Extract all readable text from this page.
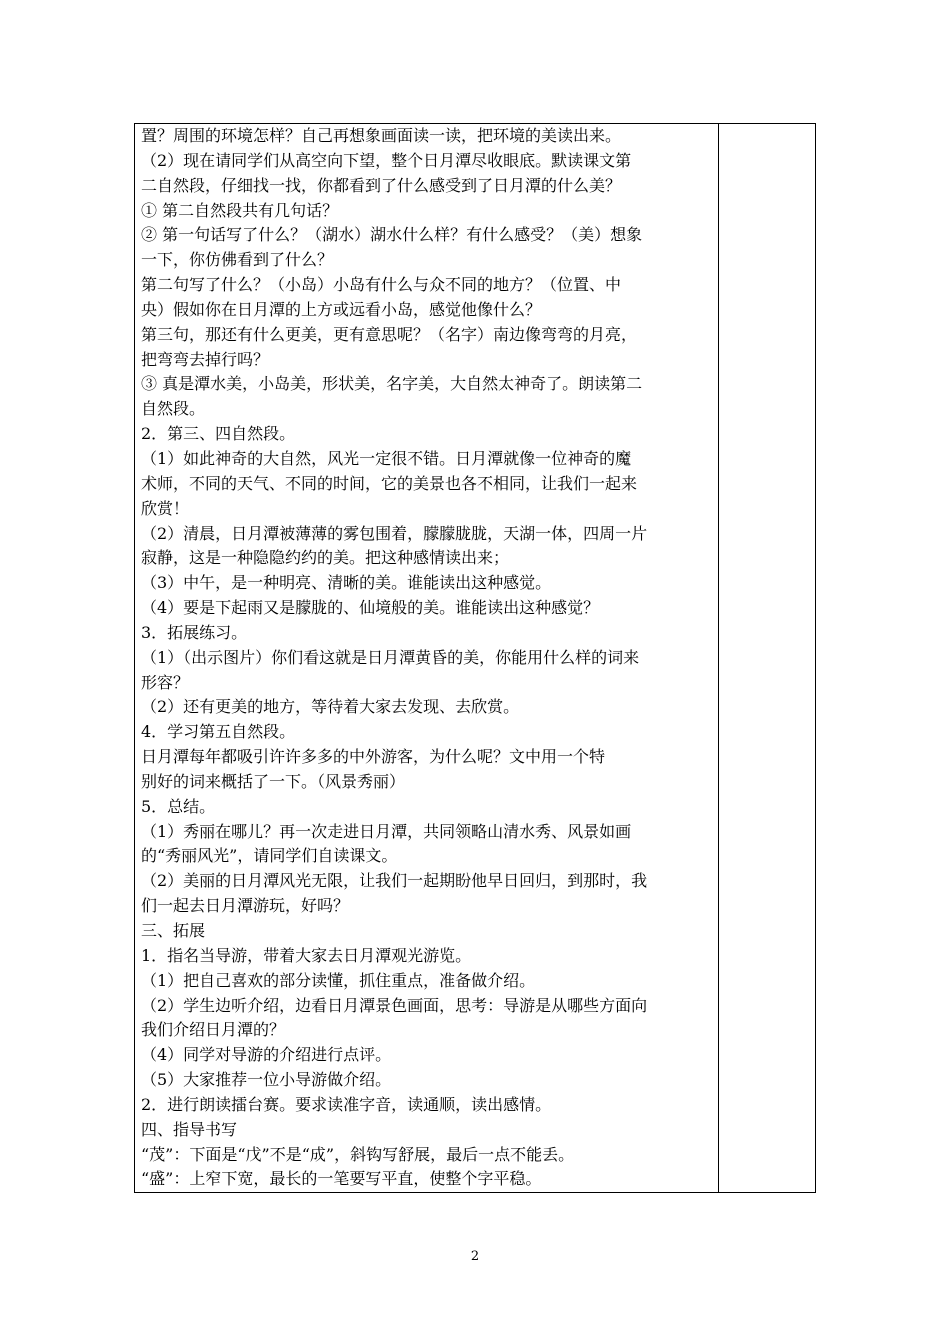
置？周围的环境怎样？自己再想象画面读一读，把环境的美读出来。
（2）现在请同学们从高空向下望，整个日月潭尽收眼底。默读课文第
二自然段，仔细找一找，你都看到了什么感受到了日月潭的什么美？
① 第二自然段共有几句话？
② 第一句话写了什么？（湖水）湖水什么样？有什么感受？（美）想象
一下，你仿佛看到了什么？
第二句写了什么？（小岛）小岛有什么与众不同的地方？（位置、中
央）假如你在日月潭的上方或远看小岛，感觉他像什么？
第三句，那还有什么更美，更有意思呢？（名字）南边像弯弯的月亮，
把弯弯去掉行吗？
③ 真是潭水美，小岛美，形状美，名字美，大自然太神奇了。朗读第二
自然段。
2．第三、四自然段。
（1）如此神奇的大自然，风光一定很不错。日月潭就像一位神奇的魔
术师，不同的天气、不同的时间，它的美景也各不相同，让我们一起来
欣赏！
（2）清晨，日月潭被薄薄的雾包围着，朦朦胧胧，天湖一体，四周一片
寂静，这是一种隐隐约约的美。把这种感情读出来；
（3）中午，是一种明亮、清晰的美。谁能读出这种感觉。
（4）要是下起雨又是朦胧的、仙境般的美。谁能读出这种感觉？
3．拓展练习。
（1）（出示图片）你们看这就是日月潭黄昏的美，你能用什么样的词来
形容？
（2）还有更美的地方，等待着大家去发现、去欣赏。
4．学习第五自然段。
日月潭每年都吸引许许多多的中外游客，为什么呢？文中用一个特
别好的词来概括了一下。（风景秀丽）
5．总结。
（1）秀丽在哪儿？再一次走进日月潭，共同领略山清水秀、风景如画
的“秀丽风光”，请同学们自读课文。
（2）美丽的日月潭风光无限，让我们一起期盼他早日回归，到那时，我
们一起去日月潭游玩，好吗？
三、拓展
1．指名当导游，带着大家去日月潭观光游览。
（1）把自己喜欢的部分读懂，抓住重点，准备做介绍。
（2）学生边听介绍，边看日月潭景色画面，思考：导游是从哪些方面向
我们介绍日月潭的？
（4）同学对导游的介绍进行点评。
（5）大家推荐一位小导游做介绍。
2．进行朗读擂台赛。要求读准字音，读通顺，读出感情。
四、指导书写
“茂”：下面是“戊”不是“成”，斜钩写舒展，最后一点不能丢。
“盛”：上窄下宽，最长的一笔要写平直，使整个字平稳。
2
